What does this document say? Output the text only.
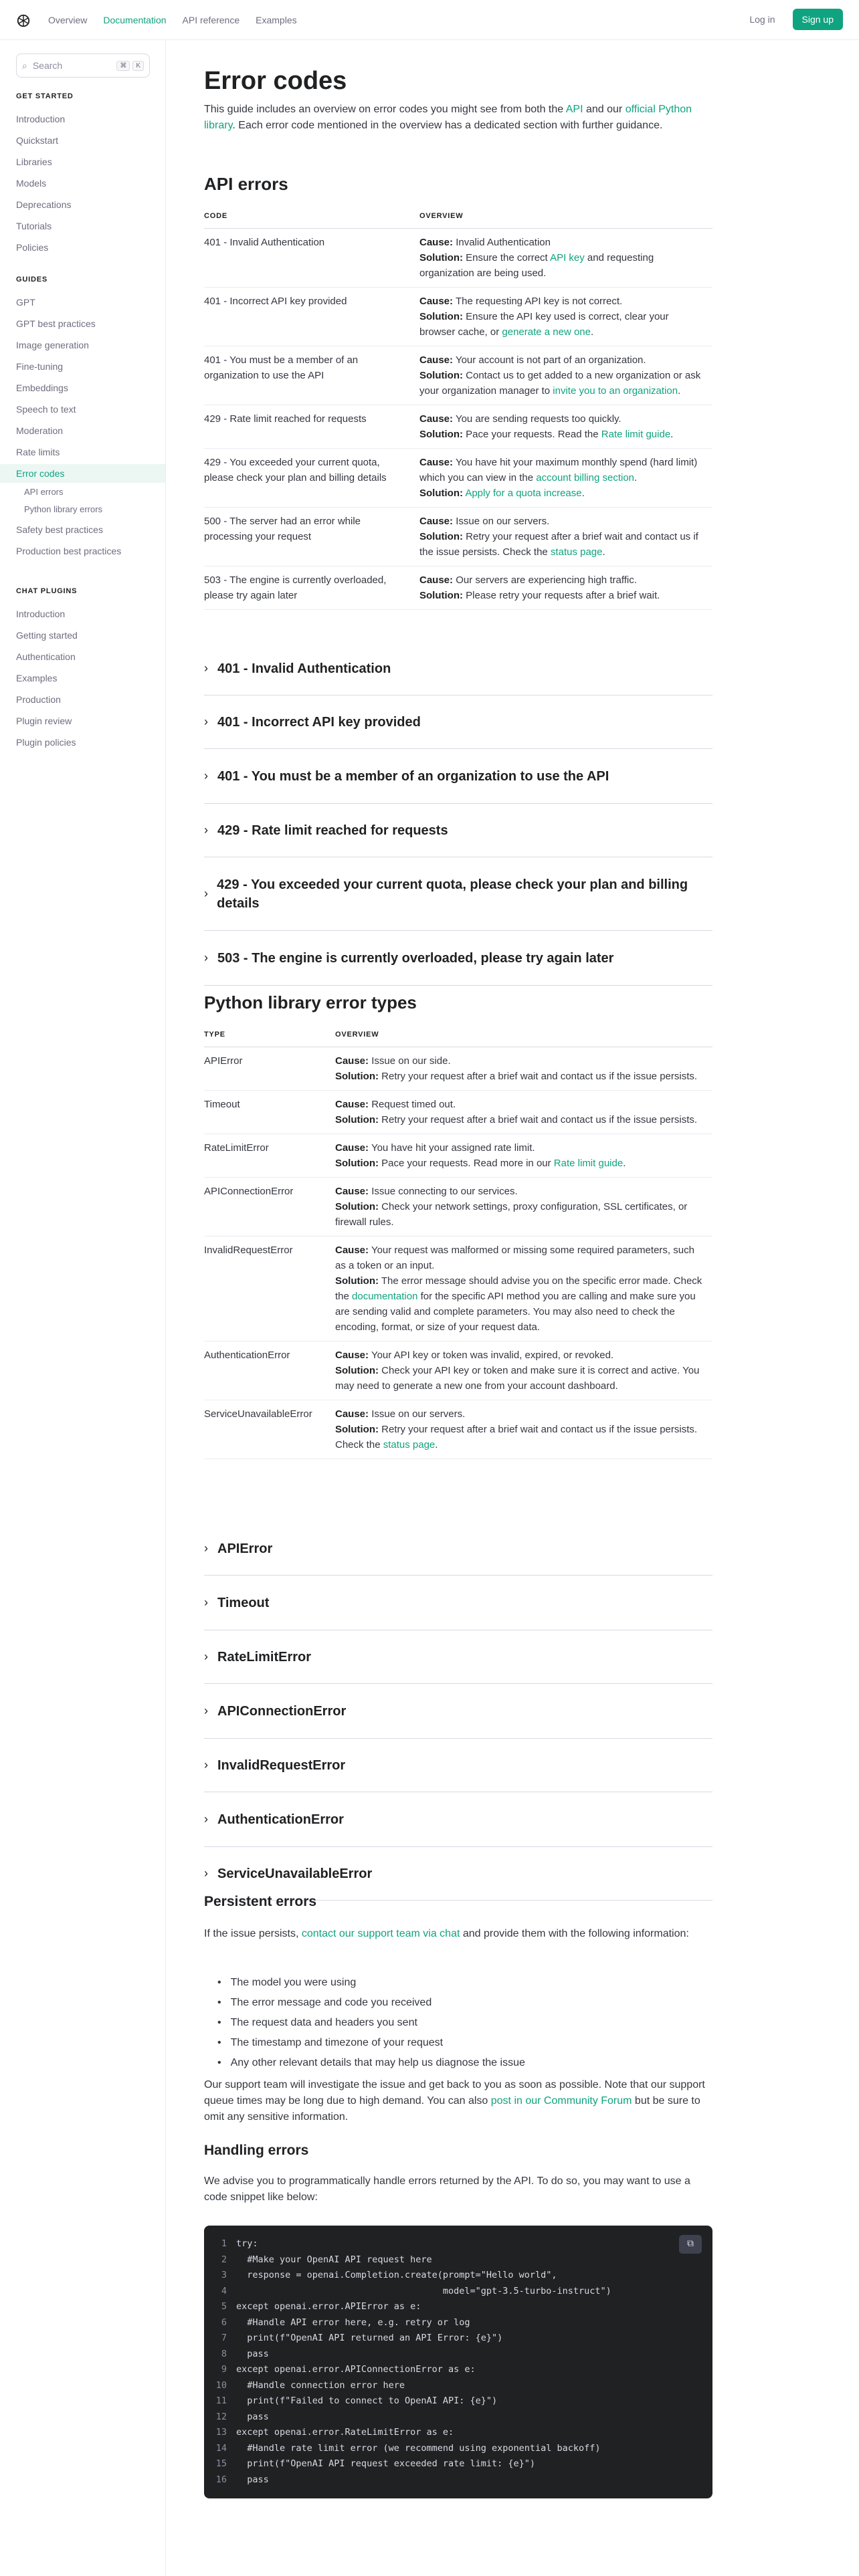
Overview Documentation API reference Examples	Log in	Sign up
⌕ Search	⌘	K
GET STARTED
Introduction
Quickstart
Libraries
Models
Deprecations
Tutorials
Policies
GUIDES
GPT
GPT best practices
Image generation
Fine-tuning
Embeddings
Speech to text
Moderation
Rate limits
Error codes
API errors
Python library errors
Safety best practices
Production best practices
CHAT PLUGINS
Introduction
Getting started
Authentication
Examples
Production
Plugin review
Plugin policies
Error codes
This guide includes an overview on error codes you might see from both the API and our official Python library. Each error code mentioned in the overview has a dedicated section with further guidance.
API errors
CODE	OVERVIEW
401 - Invalid Authentication	Cause: Invalid Authentication
Solution: Ensure the correct API key and requesting organization are being used.
401 - Incorrect API key provided	Cause: The requesting API key is not correct.
Solution: Ensure the API key used is correct, clear your browser cache, or generate a new one.
401 - You must be a member of an organization to use the API	Cause: Your account is not part of an organization.
Solution: Contact us to get added to a new organization or ask your organization manager to invite you to an organization.
429 - Rate limit reached for requests	Cause: You are sending requests too quickly.
Solution: Pace your requests. Read the Rate limit guide.
429 - You exceeded your current quota, please check your plan and billing details	Cause: You have hit your maximum monthly spend (hard limit) which you can view in the account billing section.
Solution: Apply for a quota increase.
500 - The server had an error while processing your request	Cause: Issue on our servers.
Solution: Retry your request after a brief wait and contact us if the issue persists. Check the status page.
503 - The engine is currently overloaded, please try again later	Cause: Our servers are experiencing high traffic.
Solution: Please retry your requests after a brief wait.
› 401 - Invalid Authentication
› 401 - Incorrect API key provided
› 401 - You must be a member of an organization to use the API
› 429 - Rate limit reached for requests
›
429 - You exceeded your current quota, please check your plan and billing details
› 503 - The engine is currently overloaded, please try again later
Python library error types
TYPE	OVERVIEW
APIError	Cause: Issue on our side.
Solution: Retry your request after a brief wait and contact us if the issue persists.
Timeout	Cause: Request timed out.
Solution: Retry your request after a brief wait and contact us if the issue persists.
RateLimitError	Cause: You have hit your assigned rate limit.
Solution: Pace your requests. Read more in our Rate limit guide.
APIConnectionError	Cause: Issue connecting to our services.
Solution: Check your network settings, proxy configuration, SSL certificates, or firewall rules.
InvalidRequestError	Cause: Your request was malformed or missing some required parameters, such as a token or an input.
Solution: The error message should advise you on the specific error made. Check the documentation for the specific API method you are calling and make sure you are sending valid and complete parameters. You may also need to check the encoding, format, or size of your request data.
AuthenticationError	Cause: Your API key or token was invalid, expired, or revoked.
Solution: Check your API key or token and make sure it is correct and active. You may need to generate a new one from your account dashboard.
ServiceUnavailableError	Cause: Issue on our servers.
Solution: Retry your request after a brief wait and contact us if the issue persists. Check the status page.
› APIError
› Timeout
› RateLimitError
› APIConnectionError
› InvalidRequestError
› AuthenticationError
› ServiceUnavailableError
Persistent errors
If the issue persists, contact our support team via chat and provide them with the following information:
• The model you were using
• The error message and code you received
• The request data and headers you sent
• The timestamp and timezone of your request
• Any other relevant details that may help us diagnose the issue
Our support team will investigate the issue and get back to you as soon as possible. Note that our support queue times may be long due to high demand. You can also post in our Community Forum but be sure to omit any sensitive information.
Handling errors
We advise you to programmatically handle errors returned by the API. To do so, you may want to use a code snippet like below:
⧉
1	try:
2	#Make your OpenAI API request here
3	response = openai.Completion.create(prompt="Hello world",
4	model="gpt-3.5-turbo-instruct")
5	except openai.error.APIError as e:
6	#Handle API error here, e.g. retry or log
7	print(f"OpenAI API returned an API Error: {e}")
8	pass
9	except openai.error.APIConnectionError as e:
10	#Handle connection error here
11	print(f"Failed to connect to OpenAI API: {e}")
12	pass
13	except openai.error.RateLimitError as e:
14	#Handle rate limit error (we recommend using exponential backoff)
15	print(f"OpenAI API request exceeded rate limit: {e}")
16	pass
